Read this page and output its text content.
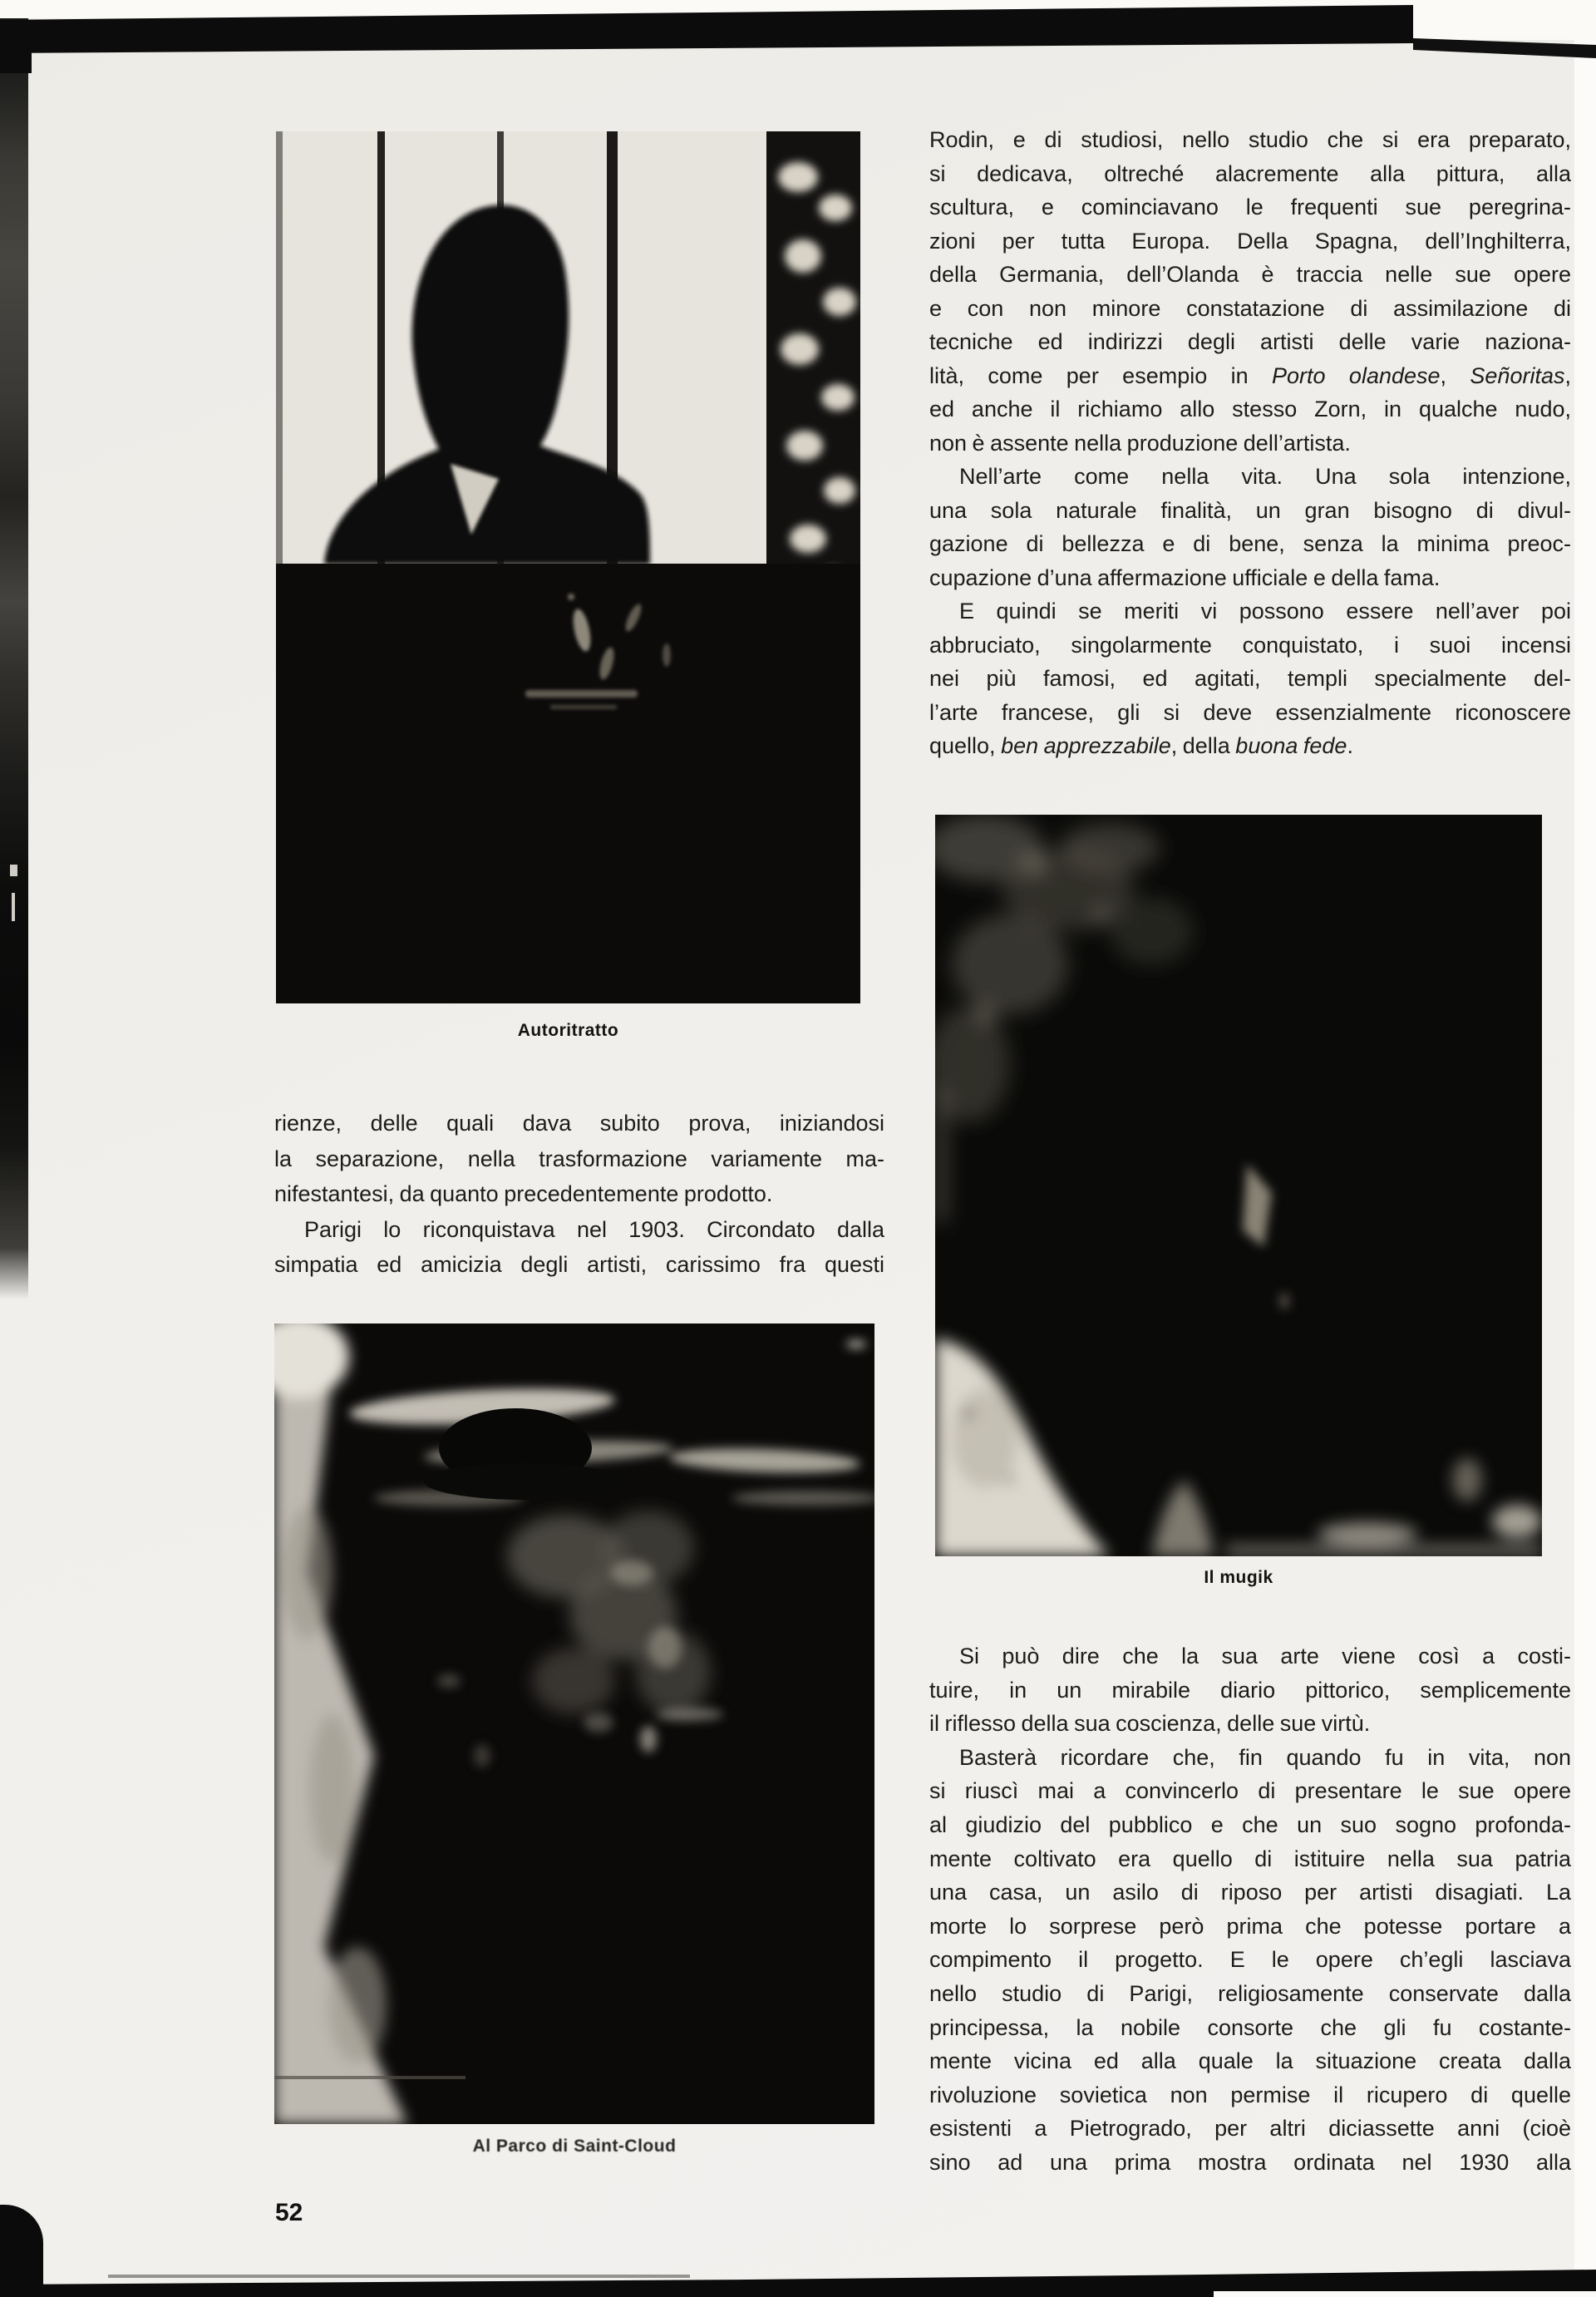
Autoritratto
Rodin, e di studiosi, nello studio che si era preparato,
si dedicava, oltreché alacremente alla pittura, alla
scultura, e cominciavano le frequenti sue peregrina-
zioni per tutta Europa. Della Spagna, dell’Inghilterra,
della Germania, dell’Olanda è traccia nelle sue opere
e con non minore constatazione di assimilazione di
tecniche ed indirizzi degli artisti delle varie naziona-
lità, come per esempio in Porto olandese, Señoritas,
ed anche il richiamo allo stesso Zorn, in qualche nudo,
non è assente nella produzione dell’artista.
Nell’arte come nella vita. Una sola intenzione,
una sola naturale finalità, un gran bisogno di divul-
gazione di bellezza e di bene, senza la minima preoc-
cupazione d’una affermazione ufficiale e della fama.
E quindi se meriti vi possono essere nell’aver poi
abbruciato, singolarmente conquistato, i suoi incensi
nei più famosi, ed agitati, templi specialmente del-
l’arte francese, gli si deve essenzialmente riconoscere
quello, ben apprezzabile, della buona fede.
Il mugik
rienze, delle quali dava subito prova, iniziandosi
la separazione, nella trasformazione variamente ma-
nifestantesi, da quanto precedentemente prodotto.
Parigi lo riconquistava nel 1903. Circondato dalla
simpatia ed amicizia degli artisti, carissimo fra questi
Al Parco di Saint-Cloud
Si può dire che la sua arte viene così a costi-
tuire, in un mirabile diario pittorico, semplicemente
il riflesso della sua coscienza, delle sue virtù.
Basterà ricordare che, fin quando fu in vita, non
si riuscì mai a convincerlo di presentare le sue opere
al giudizio del pubblico e che un suo sogno profonda-
mente coltivato era quello di istituire nella sua patria
una casa, un asilo di riposo per artisti disagiati. La
morte lo sorprese però prima che potesse portare a
compimento il progetto. E le opere ch’egli lasciava
nello studio di Parigi, religiosamente conservate dalla
principessa, la nobile consorte che gli fu costante-
mente vicina ed alla quale la situazione creata dalla
rivoluzione sovietica non permise il ricupero di quelle
esistenti a Pietrogrado, per altri diciassette anni (cioè
sino ad una prima mostra ordinata nel 1930 alla
52
